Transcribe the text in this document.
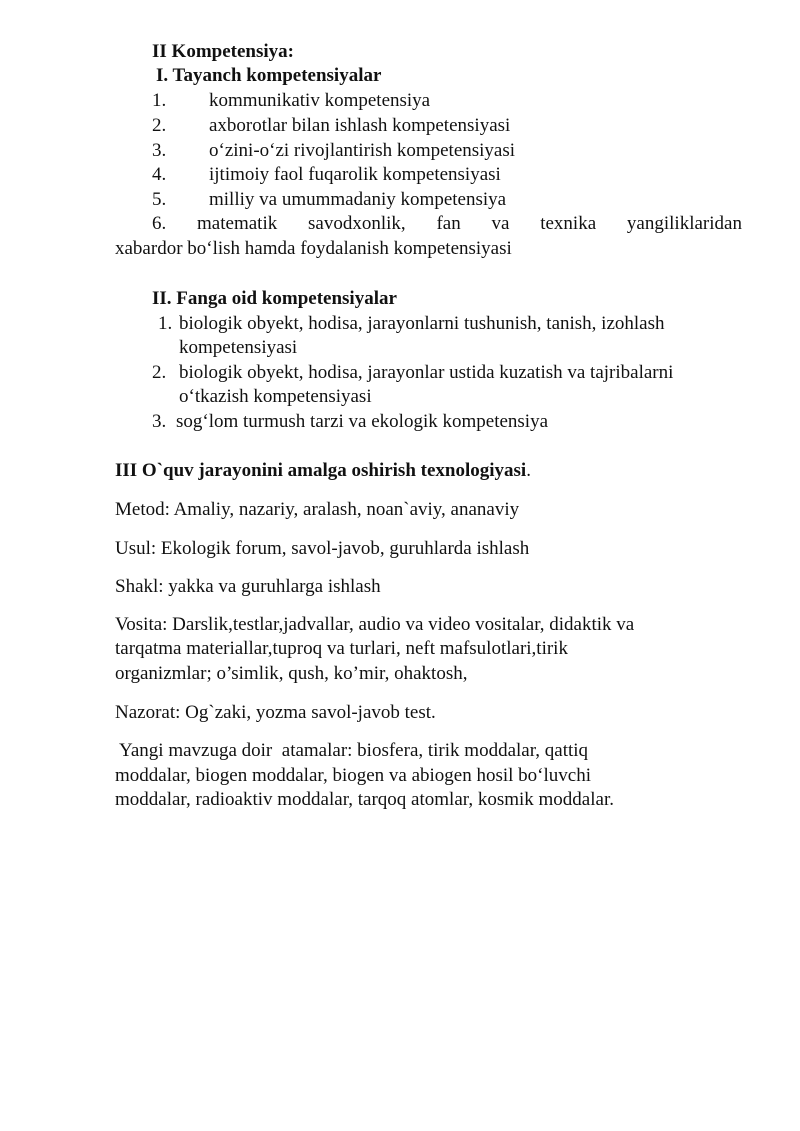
II Kompetensiya:
I. Tayanch kompetensiyalar
1. kommunikativ kompetensiya
2. axborotlar bilan ishlash kompetensiyasi
3. o‘zini-o‘zi rivojlantirish kompetensiyasi
4. ijtimoiy faol fuqarolik kompetensiyasi
5. milliy va umummadaniy kompetensiya
6. matematik savodxonlik, fan va texnika yangiliklaridan
xabardor bo‘lish hamda foydalanish kompetensiyasi
II. Fanga oid kompetensiyalar
1. biologik obyekt, hodisa, jarayonlarni tushunish, tanish, izohlash
kompetensiyasi
2. biologik obyekt, hodisa, jarayonlar ustida kuzatish va tajribalarni
o‘tkazish kompetensiyasi
3. sog‘lom turmush tarzi va ekologik kompetensiya
III O`quv jarayonini amalga oshirish texnologiyasi.
Metod: Amaliy, nazariy, aralash, noan`aviy, ananaviy
Usul: Ekologik forum, savol-javob, guruhlarda ishlash
Shakl: yakka va guruhlarga ishlash
Vosita: Darslik,testlar,jadvallar, audio va video vositalar, didaktik va
tarqatma materiallar,tuproq va turlari, neft mafsulotlari,tirik
organizmlar; o’simlik, qush, ko’mir, ohaktosh,
Nazorat: Og`zaki, yozma savol-javob test.
Yangi mavzuga doir  atamalar: biosfera, tirik moddalar, qattiq
moddalar, biogen moddalar, biogen va abiogen hosil bo‘luvchi
moddalar, radioaktiv moddalar, tarqoq atomlar, kosmik moddalar.
